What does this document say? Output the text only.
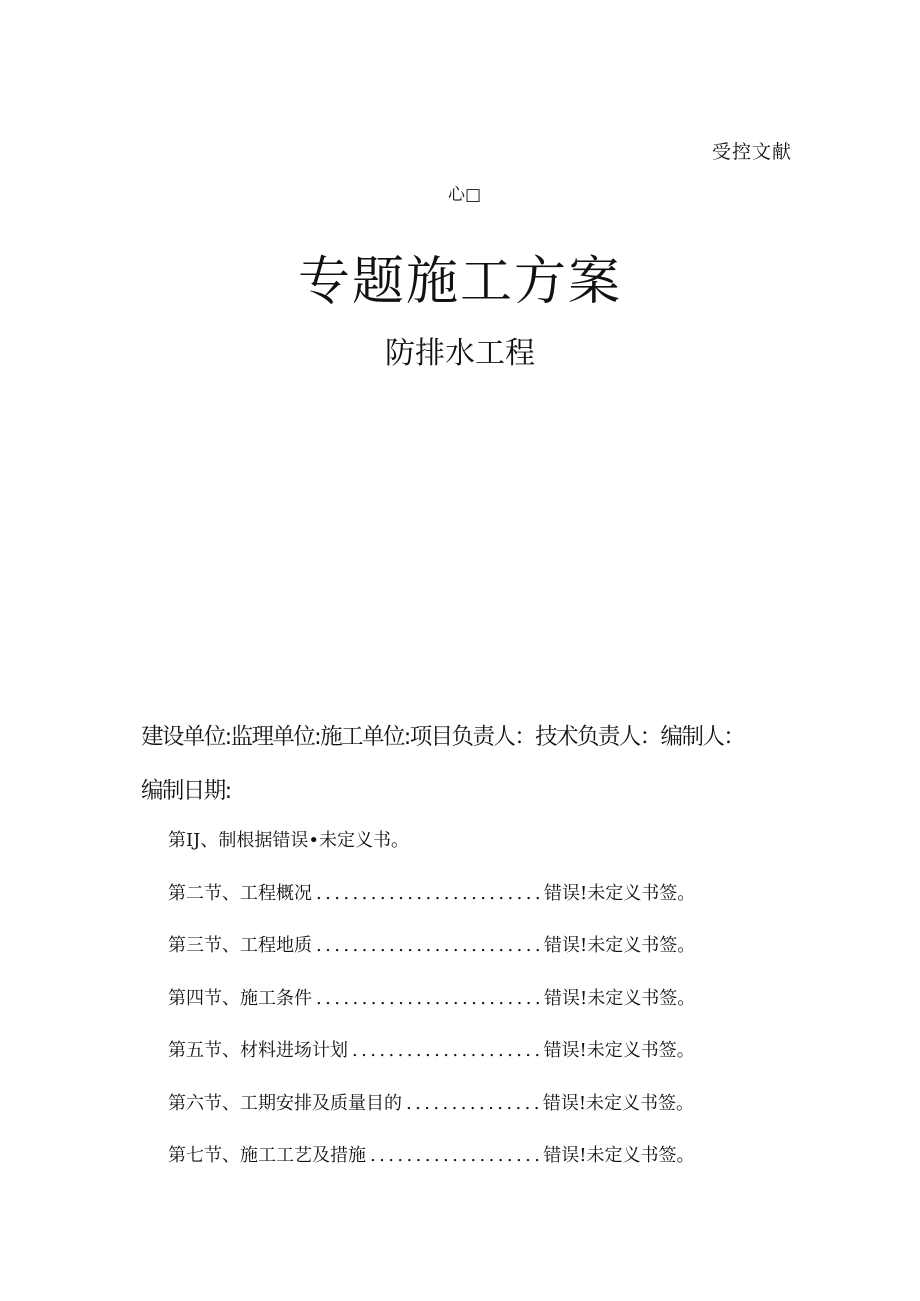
受控文献
心□
专题施工方案
防排水工程
建设单位:监理单位:施工单位:项目负责人：技术负责人：编制人：
编制日期:
第IJ、制根据错误•未定义书。
第二节、工程概况 ......................... 错误!未定义书签。
第三节、工程地质 ......................... 错误!未定义书签。
第四节、施工条件 ......................... 错误!未定义书签。
第五节、材料进场计划 ..................... 错误!未定义书签。
第六节、工期安排及质量目的 ............... 错误!未定义书签。
第七节、施工工艺及措施 ................... 错误!未定义书签。
